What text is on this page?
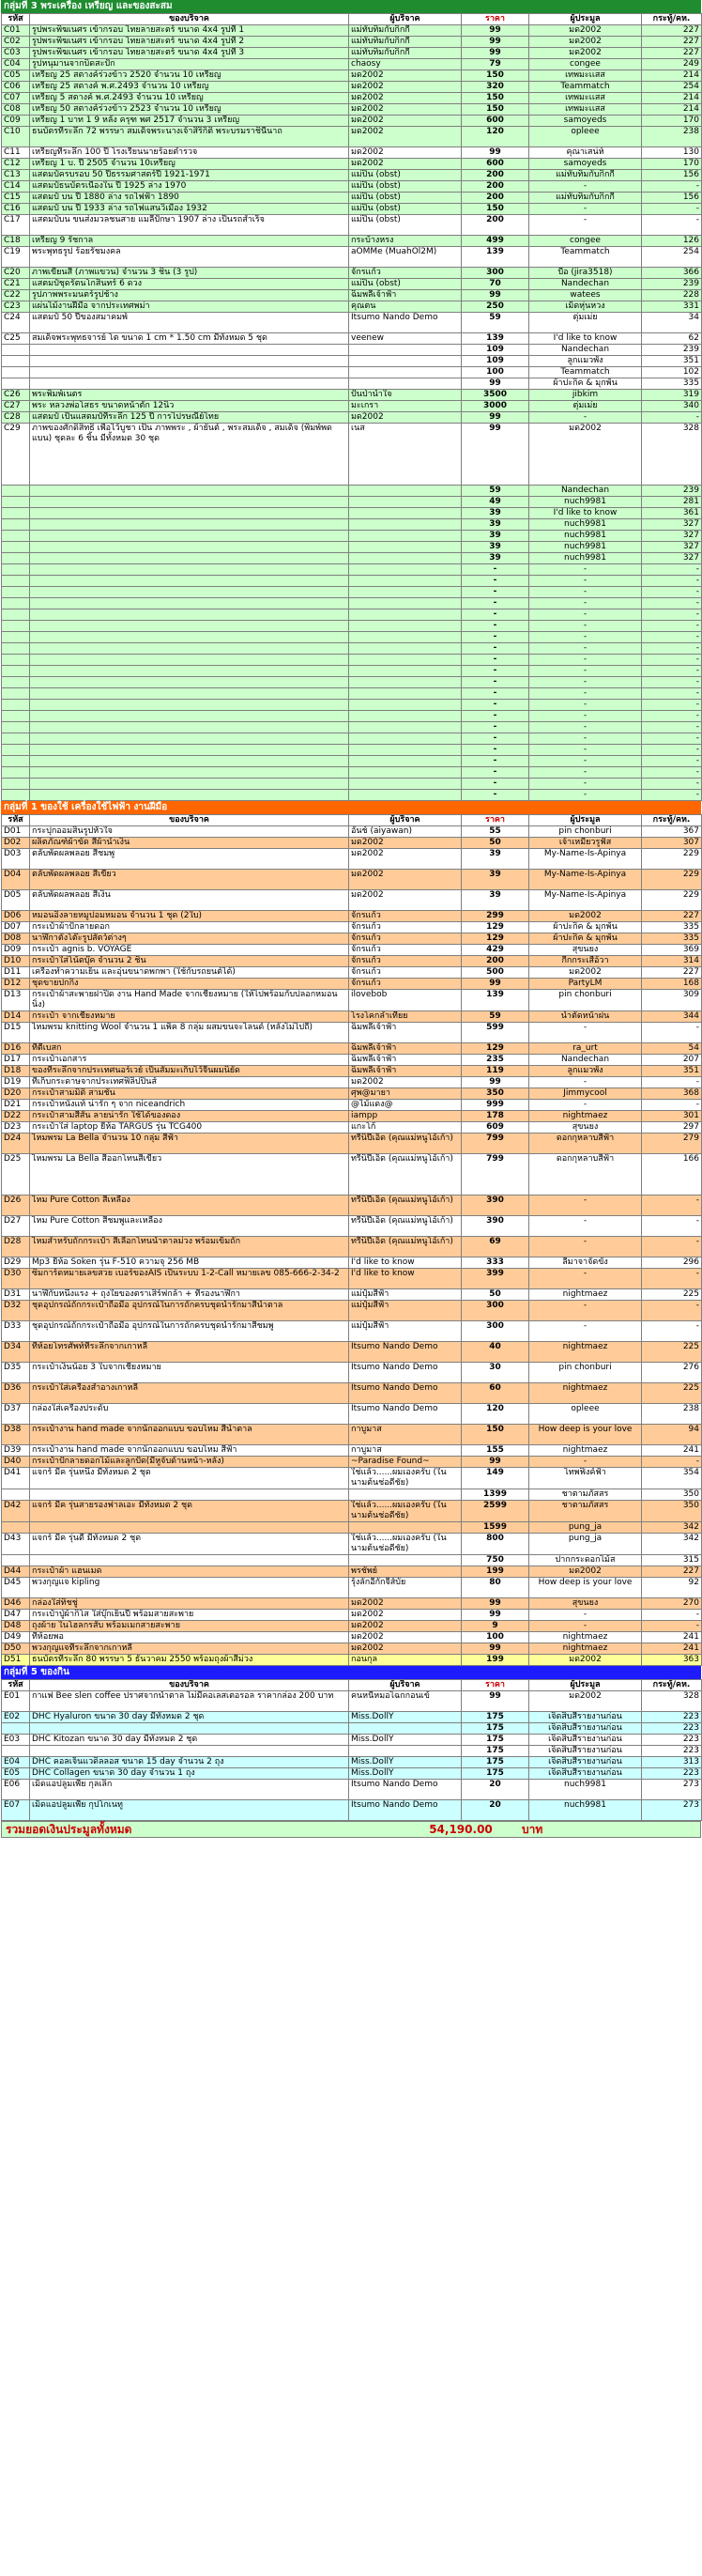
กลุ่มที่ 3 พระเครื่อง เหรียญ และของสะสม
รหัส	ของบริจาค	ผู้บริจาค	ราคา	ผู้ประมูล	กระทู้/คห.
C01	รูปพระพิฆเนศร เข้ากรอบ ไทยลายสะตร์ ขนาด 4x4 รูปที่ 1	แม่ทับทิมกับกิ๊กกี๊	99	มด2002	227
C02	รูปพระพิฆเนศร เข้ากรอบ ไทยลายสะตร์ ขนาด 4x4 รูปที่ 2	แม่ทับทิมกับกิ๊กกี๊	99	มด2002	227
C03	รูปพระพิฆเนศร เข้ากรอบ ไทยลายสะตร์ ขนาด 4x4 รูปที่ 3	แม่ทับทิมกับกิ๊กกี๊	99	มด2002	227
C04	รูปหนุมานจากบิดสะปัก	chaosy	79	congee	249
C05	เหรียญ 25 สตางค์ร่วงข้าว 2520 จำนวน 10 เหรียญ	มด2002	150	เทพมะเเสส	214
C06	เหรียญ 25 สตางค์ พ.ศ.2493 จำนวน 10 เหรียญ	มด2002	320	Teammatch	254
C07	เหรียญ 5 สตางค์ พ.ศ.2493 จำนวน 10 เหรียญ	มด2002	150	เทพมะเเสส	214
C08	เหรียญ 50 สตางค์ร่วงข้าว 2523 จำนวน 10 เหรียญ	มด2002	150	เทพมะเเสส	214
C09	เหรียญ 1 บาท 1 9 หลัง ครุฑ พศ 2517 จำนวน 3 เหรียญ	มด2002	600	samoyeds	170
C10	ธนบัตรที่ระลึก 72 พรรษา สมเด็จพระนางเจ้าสิริกิติ์ พระบรมราชินีนาถ	มด2002	120	opleee	238
C11	เหรียญที่ระลึก 100 ปี โรงเรียนนายร้อยตำรวจ	มด2002	99	คุณาเสน่ห์	130
C12	เหรียญ 1 บ. ปี 2505 จำนวน 10เหรียญ	มด2002	600	samoyeds	170
C13	แสตมป์ครบรอบ 50 ปีธรรมศาสตร์ปี 1921-1971	แม่ปิ่น (obst)	200	แม่ทับทิมกับกิ๊กกี๊	156
C14	แสตมป์ธนบัตรเนื่องใน ปี 1925 ล่าง 1970	แม่ปิ่น (obst)	200	-	-
C15	แสตมป์ บน ปี 1880 ล่าง รถไฟฟ้า 1890	แม่ปิ่น (obst)	200	แม่ทับทิมกับกิ๊กกี๊	156
C16	แสตมป์ บน ปี 1933 ล่าง รถไฟแสนวิเมือง 1932	แม่ปิ่น (obst)	150	-	-
C17	แสตมป์บน ขนส่งมวลชนสาย แมลีปักษา 1907 ล่าง เป็นรถสำเร็จ	แม่ปิ่น (obst)	200	-	-
C18	เหรียญ 9 รัชกาล	กระบ้างหรง	499	congee	126
C19	พระพุทธรูป ร้อยรัชมงคล	aOMMe (MuahOl2M)	139	Teammatch	254
C20	ภาพเขียนสี (ภาพแขวน) จำนวน 3 ชิ้น (3 รูป)	จักรแก้ว	300	บี๋อ (jira3518)	366
C21	แสตมป์ชุดรัตนโกสินทร์ 6 ดวง	แม่ปิ่น (obst)	70	Nandechan	239
C22	รูปภาพพระมนตร์รูปช้าง	ฉิมพลีเจ้าฟ้า	99	watees	228
C23	แผ่นไม้งานฝีมือ จากประเทศพม่า	คุณตน	250	เม็ดหุ่นหวง	331
C24	แสตมป์ 50 ปีของสมาคมพ์	Itsumo Nando Demo	59	ตุ่มเม่ย	34
C25	สมเด็จพระพุทธจารย์ โต ขนาด 1 cm * 1.50 cm มีทั้งหมด 5 ชุด	veenew	139	I'd like to know	62
			109	Nandechan	239
			109	ลูกแมวพั้ง	351
			100	Teammatch	102
			99	ผ้าปะกิ๊ค & มุกพ้น	335
C26	พระพิมพ์เนตร	ปั่นป่าน้ำใจ	3500	jibkim	319
C27	พระ หลวงพ่อโสธร ขนาดหน้าตัก 12นิ้ว	มะเกรา	3000	ตุ่มเม่ย	340
C28	แสตมป์ เป็นแสตมป์ที่ระลึก 125 ปี การไปรษณีย์ไทย	มด2002	99	-	-
C29	ภาพของศักดิ์สิทธิ์ เพื่อไว้บูชา เป็น ภาพพระ , ผ้ายันต์ , พระสมเด็จ , สมเด็จ (พิมพ์พดแบน) ชุดละ 6 ชิ้น มีทั้งหมด 30 ชุด	เนส	99	มด2002	328
			59	Nandechan	239
			49	nuch9981	281
			39	I'd like to know	361
			39	nuch9981	327
			39	nuch9981	327
			39	nuch9981	327
			39	nuch9981	327
			-	-	-
			-	-	-
			-	-	-
			-	-	-
			-	-	-
			-	-	-
			-	-	-
			-	-	-
			-	-	-
			-	-	-
			-	-	-
			-	-	-
			-	-	-
			-	-	-
			-	-	-
			-	-	-
			-	-	-
			-	-	-
			-	-	-
			-	-	-
			-	-	-
กลุ่มที่ 1 ของใช้ เครื่องใช้ไฟฟ้า งานฝีมือ
รหัส	ของบริจาค	ผู้บริจาค	ราคา	ผู้ประมูล	กระทู้/คห.
D01	กระปุกออมสินรูปหัวใจ	อันช์ (aiyawan)	55	pin chonburi	367
D02	ผลิตภัณฑ์ผ้าขัด สีผ้าน้ำเงิน	มด2002	50	เจ้าเหมียวรูฟัส	307
D03	ตลับพัดผลพลอย สีชมพู	มด2002	39	My-Name-Is-Apinya	229
D04	ตลับพัดผลพลอย สีเขียว	มด2002	39	My-Name-Is-Apinya	229
D05	ตลับพัดผลพลอย สีเงิน	มด2002	39	My-Name-Is-Apinya	229
D06	หมอนอิงลายหมูปอมหมอน จำนวน 1 ชุด (2ใบ)	จักรแก้ว	299	มด2002	227
D07	กระเป๋าผ้าปักลายดอก	จักรแก้ว	129	ผ้าปะกิ๊ค & มุกพ้น	335
D08	นาฬิกาตั้งโต๊ะรูปสัตว์ต่างๆ	จักรแก้ว	129	ผ้าปะกิ๊ค & มุกพ้น	335
D09	กระเป๋า agnis b. VOYAGE	จักรแก้ว	429	สุขนยง	369
D10	กระเป๋าใส่โน้ตบุ๊ค จำนวน 2 ชิ้น	จักรแก้ว	200	กี๊กกระเสือ้วา	314
D11	เครื่องทำความเย็น และอุ่นขนาดพกพา (ใช้กับรถยนต์ได้)	จักรแก้ว	500	มด2002	227
D12	ชุดขายปกกิ้ง	จักรแก้ว	99	PartyLM	168
D13	กระเป๋าผ้าสะพายฝาปิด งาน Hand Made จากเชียงหมาย (ให้ไปพร้อมกับปลอกหมอนนิ่ง)	ilovebob	139	pin chonburi	309
D14	กระเป๋า จากเชียงหมาย	โรงโคกลำเทียย	59	น้ำตัดหน้าฝน	344
D15	ไหมพรม knitting Wool จำนวน 1 แพ็ค 8 กลุ่ม ผสมขนจะไลนด์ (หลังไม่ไปถี)	ฉิมพลีเจ้าฟ้า	599	-	-
D16	ที่ตีเบสก	ฉิมพลีเจ้าฟ้า	129	ra_urt	54
D17	กระเป๋าเอกสาร	ฉิมพลีเจ้าฟ้า	235	Nandechan	207
D18	ของที่ระลึกจากประเทศนอร์เวย์ เป็นสัมมะเก็บไว้จีนผมนิยัด	ฉิมพลีเจ้าฟ้า	119	ลูกแมวพั้ง	351
D19	ที่เก็บกระดาษจากประเทศฟิลิปปินส์	มด2002	99	-	-
D20	กระเป๋าสามมิติ สามชั้น	ศุพ@มายา	350	Jimmycool	368
D21	กระเป๋าหนังแท้ น่ารัก ๆ จาก niceandrich	@ไม้แดง@	999	-	-
D22	กระเป๋าสามสีสัน ลายน่ารัก ใช้ได้ของดอง	iampp	178	nightmaez	301
D23	กระเป๋าใส่ laptop ยี่ห้อ TARGUS รุ่น TCG400	แกะโก้	609	สุขนยง	297
D24	ไหมพรม La Bella จำนวน 10 กลุ่ม สีฟ้า	ทรีนิปีเอ็ด (คุณแม่หนูโอ้เก้า)	799	ดอกกุหลาบสีฟ้า	279
D25	ไหมพรม La Bella สีออกโทนสีเขียว	ทรีนิปีเอ็ด (คุณแม่หนูโอ้เก้า)	799	ดอกกุหลาบสีฟ้า	166
D26	ไหม Pure Cotton สีเหลือง	ทรีนิปีเอ็ด (คุณแม่หนูโอ้เก้า)	390	-	-
D27	ไหม Pure Cotton สีชมพูและเหลือง	ทรีนิปีเอ็ด (คุณแม่หนูโอ้เก้า)	390	-	-
D28	ไหมสำหรับถักกระเป๋า สีเลือกโทนน้ำตาลม่วง พร้อมเข็มถัก	ทรีนิปีเอ็ด (คุณแม่หนูโอ้เก้า)	69	-	-
D29	Mp3 ยี่ห้อ Soken รุ่น F-510 ความจุ 256 MB	I'd like to know	333	ลีมาจาจัดขั้ง	296
D30	ซิมการ์ดหมายเลขสวย เบอร์ของAIS เป็นระบบ 1-2-Call หมายเลข 085-666-2-34-2	I'd like to know	399	-	-
D31	นาฬิกับหนึ่งแรง + ถุงใยของตราเสิร์ฟกล้า + ที่รองนาฬิกา	แม่ปุ๋มสีฟ้า	50	nightmaez	225
D32	ชุดอุปกรณ์ถักกระเป๋าถือมือ อุปกรณ์ในการถักครบชุดนำรักมาสีน้ำตาล	แม่ปุ๋มสีฟ้า	300	-	-
D33	ชุดอุปกรณ์ถักกระเป๋าถือมือ อุปกรณ์ในการถักครบชุดนำรักมาสีชมพู	แม่ปุ๋มสีฟ้า	300	-	-
D34	ที่ห้อยโทรศัพท์ที่ระลึกจากเกาหลี	Itsumo Nando Demo	40	nightmaez	225
D35	กระเป๋าเงินน้อย 3 ใบจากเชียงหมาย	Itsumo Nando Demo	30	pin chonburi	276
D36	กระเป๋าใส่เครื่องสำอางเกาหลี	Itsumo Nando Demo	60	nightmaez	225
D37	กล่องใส่เครื่องประดับ	Itsumo Nando Demo	120	opleee	238
D38	กระเป๋างาน hand made จากนักออกแบบ ขอบไหม สีน้ำตาล	กาบูมาส	150	How deep is your love	94
D39	กระเป๋างาน hand made จากนักออกแบบ ขอบไหม สีฟ้า	กาบูมาส	155	nightmaez	241
D40	กระเป๋าปักลายดอกไม้และลูกปัด(มีหูจับด้านหน้า-หลัง)	~Paradise Found~	99	-	-
D41	แจกร์ มีค รุ่นหนึ่ง มีทั้งหมด 2 ชุด	ใช่แล้ว......ผมเองครับ (ในนามต้นช่อดีชัย)	149	ไทพฟิงค์ฟ้า	354
			1399	ชาตามภัสสร	350
D42	แจกร์ มีค รุ่นสายรองฟาลเอะ มีทั้งหมด 2 ชุด	ใช่แล้ว......ผมเองครับ (ในนามต้นช่อดีชัย)	2599	ชาตามภัสสร	350
			1599	pung_ja	342
D43	แจกร์ มีค รุ่นดี มีทั้งหมด 2 ชุด	ใช่แล้ว......ผมเองครับ (ในนามต้นช่อดีชัย)	800	pung_ja	342
			750	ปากกระดอกไม้ส	315
D44	กระเป๋าผ้า แฮนเมด	พรชัพย์	199	มด2002	227
D45	พวงกุญแจ kipling	รุ้งลักอีกักจีส์บัย	80	How deep is your love	92
D46	กล่องใส่ทิชชู่	มด2002	99	สุขนยง	270
D47	กระเป๋าปู่ผ้ากิโส ใส่บุ๊กเย็นปี พร้อมสายสะพาย	มด2002	99	-	-
D48	ถุงผ้าย ในโฮลกรสับ พร้อมเมกสายสะพาย	มด2002	9	-	-
D49	ที่ห้อยพอ	มด2002	100	nightmaez	241
D50	พวงกุญแจที่ระลึกจากเกาหลี	มด2002	99	nightmaez	241
D51	ธนบัตรที่ระลึก 80 พรรษา 5 ธันวาคม 2550 พร้อมถุงผ้าสีม่วง	กอนกุล	199	มด2002	363
กลุ่มที่ 5 ของกิน
รหัส	ของบริจาค	ผู้บริจาค	ราคา	ผู้ประมูล	กระทู้/คห.
E01	กาแฟ Bee slen coffee ปราศจากน้ำตาล ไม่มีคอเลสเตอรอล ราคากล่อง 200 บาท	คนหนีหมอไฉกกอนเข้	99	มด2002	328
E02	DHC Hyaluron ขนาด 30 day มีทั้งหมด 2 ชุด	Miss.DollY	175	เจิดสิบสีรายงานก่อน	223
			175	เจิดสิบสีรายงานก่อน	223
E03	DHC Kitozan ขนาด 30 day มีทั้งหมด 2 ชุด	Miss.DollY	175	เจิดสิบสีรายงานก่อน	223
			175	เจิดสิบสีรายงานก่อน	223
E04	DHC คอลเจ็นแวดิลลอส ขนาด 15 day จำนวน 2 ถุง	Miss.DollY	175	เจิดสิบสีรายงานก่อน	313
E05	DHC Collagen ขนาด 30 day จำนวน 1 ถุง	Miss.DollY	175	เจิดสิบสีรายงานก่อน	223
E06	เม็ดแอปลูมเพีย กุลเลิก	Itsumo Nando Demo	20	nuch9981	273
E07	เม็ดแอปลูมเพีย กุปโกเนทู	Itsumo Nando Demo	20	nuch9981	273
รวมยอดเงินประมูลทั้งหมด	54,190.00	บาท
